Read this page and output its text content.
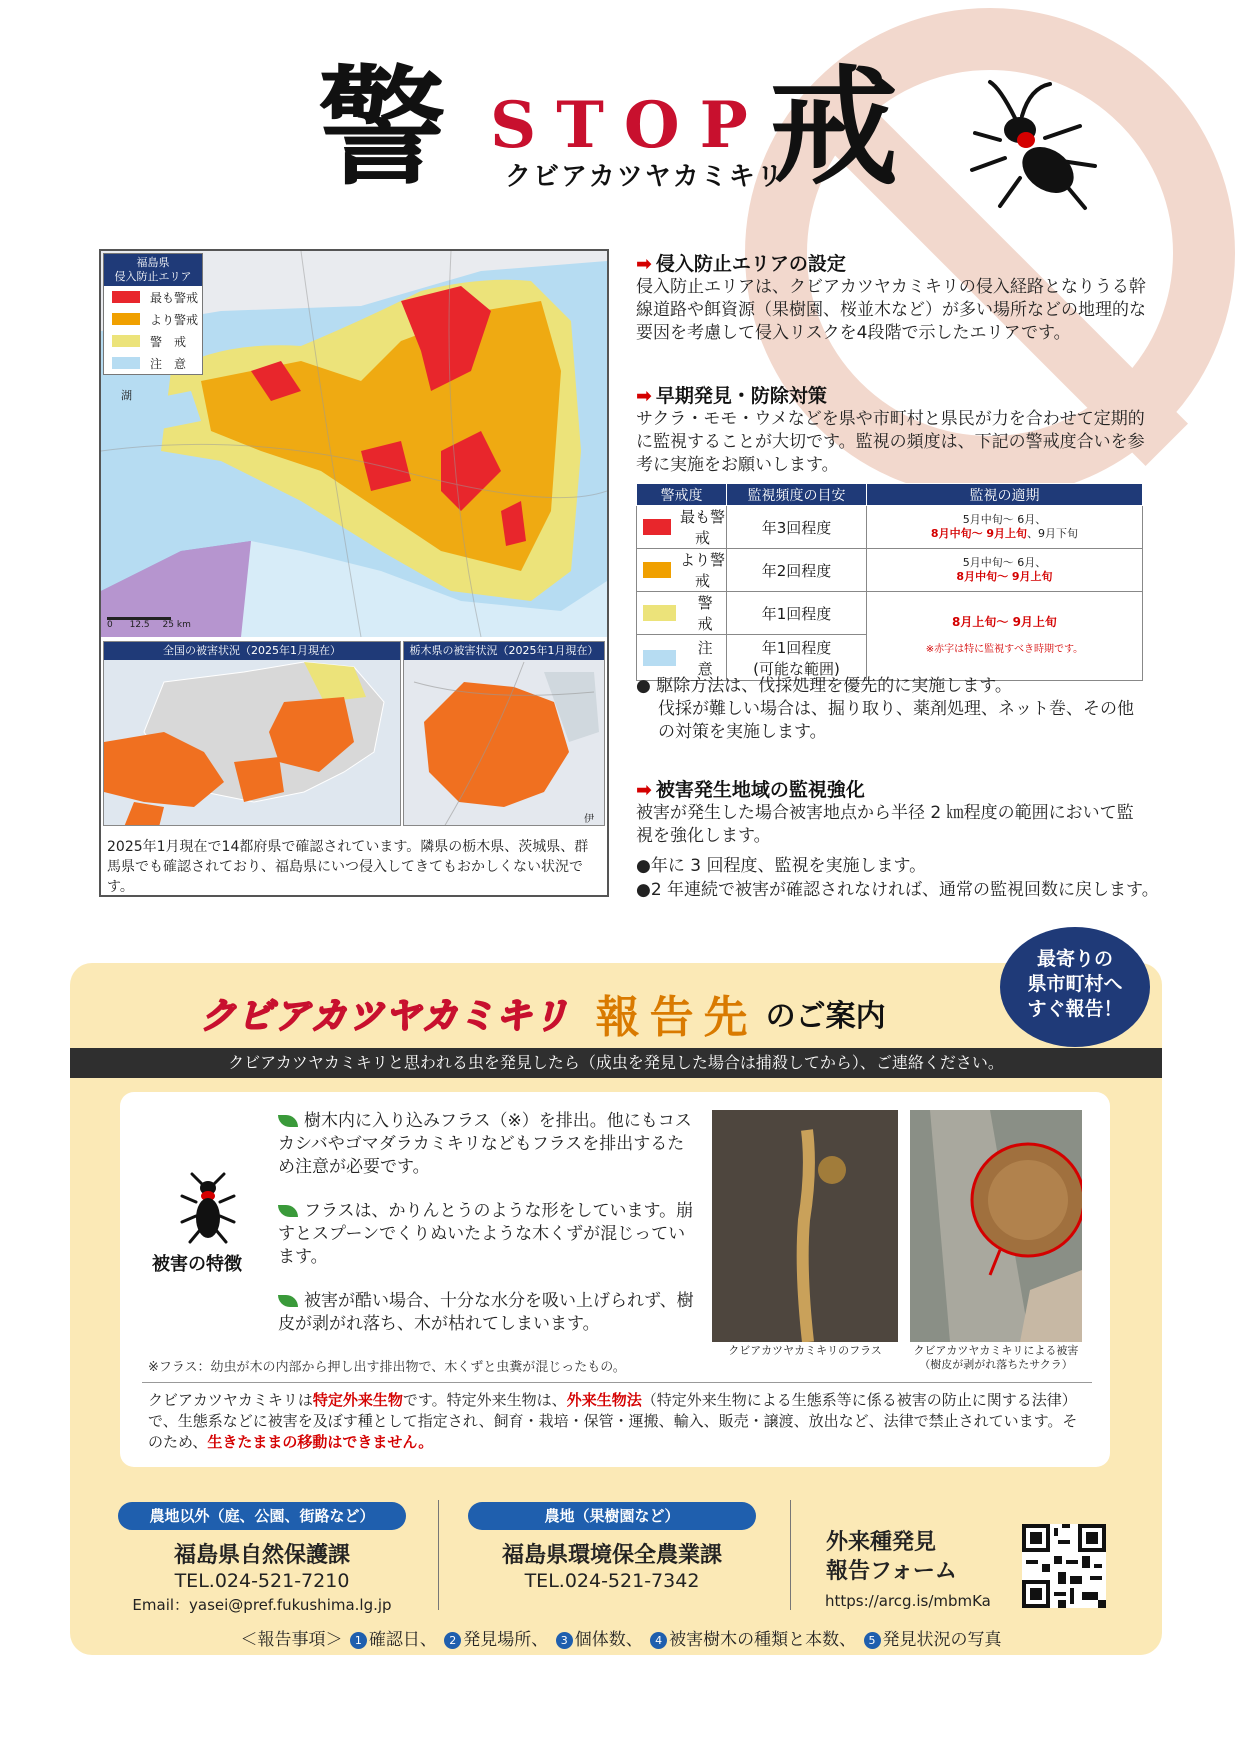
警 STOP
クビアカツヤカミキリ
戒
福島県
侵入防止エリア
最も警戒
より警戒
警　戒
注　意
湖
0 12.5 25 km
全国の被害状況（2025年1月現在）	栃木県の被害状況（2025年1月現在）
伊
2025年1月現在で14都府県で確認されています。隣県の栃木県、茨城県、群馬県でも確認されており、福島県にいつ侵入してきてもおかしくない状況です。
➡ 侵入防止エリアの設定
侵入防止エリアは、クビアカツヤカミキリの侵入経路となりうる幹線道路や餌資源（果樹園、桜並木など）が多い場所などの地理的な要因を考慮して侵入リスクを4段階で示したエリアです。
➡ 早期発見・防除対策
サクラ・モモ・ウメなどを県や市町村と県民が力を合わせて定期的に監視することが大切です。監視の頻度は、下記の警戒度合いを参考に実施をお願いします。
警戒度	監視頻度の目安	監視の適期

最も警戒	年3回程度	5月中旬～ 6月、
8月中旬～ 9月上旬、9月下旬

より警戒	年2回程度	5月中旬～ 6月、
8月中旬～ 9月上旬

警　戒	年1回程度	8月上旬～ 9月上旬
※赤字は特に監視すべき時期です。

注　意	年1回程度
(可能な範囲)	
● 駆除方法は、伐採処理を優先的に実施します。
伐採が難しい場合は、掘り取り、薬剤処理、ネット巻、その他の対策を実施します。
➡ 被害発生地域の監視強化
被害が発生した場合被害地点から半径 2 ㎞程度の範囲において監視を強化します。
●年に 3 回程度、監視を実施します。
●2 年連続で被害が確認されなければ、通常の監視回数に戻します。
クビアカツヤカミキリ 報告先 のご案内
最寄りの
県市町村へ
すぐ報告！
クビアカツヤカミキリと思われる虫を発見したら（成虫を発見した場合は捕殺してから）、ご連絡ください。
被害の特徴
樹木内に入り込みフラス（※）を排出。他にもコスカシバやゴマダラカミキリなどもフラスを排出するため注意が必要です。
フラスは、かりんとうのような形をしています。崩すとスプーンでくりぬいたような木くずが混じっています。
被害が酷い場合、十分な水分を吸い上げられず、樹皮が剥がれ落ち、木が枯れてしまいます。
クビアカツヤカミキリのフラス	クビアカツヤカミキリによる被害
（樹皮が剥がれ落ちたサクラ）
※フラス：幼虫が木の内部から押し出す排出物で、木くずと虫糞が混じったもの。
クビアカツヤカミキリは特定外来生物です。特定外来生物は、外来生物法（特定外来生物による生態系等に係る被害の防止に関する法律）で、生態系などに被害を及ぼす種として指定され、飼育・栽培・保管・運搬、輸入、販売・譲渡、放出など、法律で禁止されています。そのため、生きたままの移動はできません。
農地以外（庭、公園、街路など）
福島県自然保護課
TEL.024-521-7210
Email：yasei@pref.fukushima.lg.jp
農地（果樹園など）
福島県環境保全農業課
TEL.024-521-7342
外来種発見
報告フォーム
https://arcg.is/mbmKa
＜報告事項＞ 1 確認日、 2 発見場所、 3 個体数、 4 被害樹木の種類と本数、 5 発見状況の写真
